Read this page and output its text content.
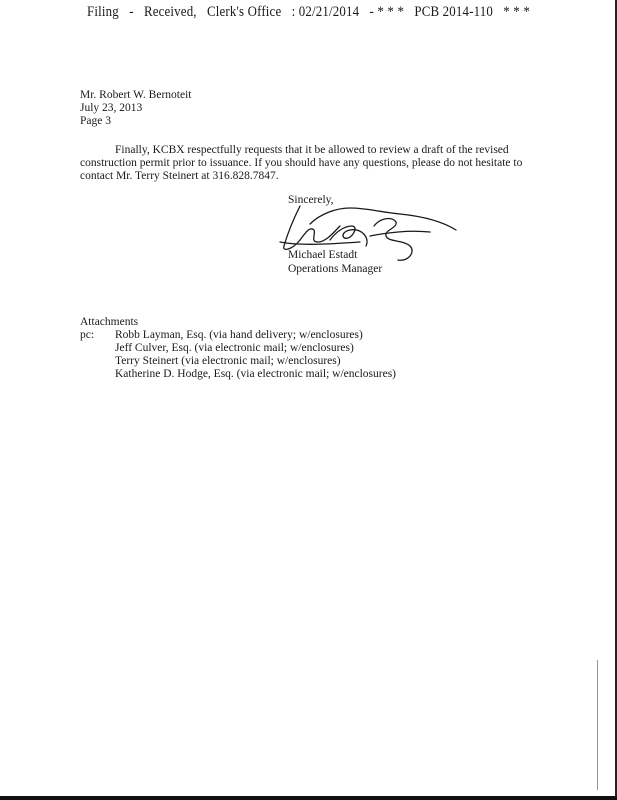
Filing - Received, Clerk's Office : 02/21/2014 - * * * PCB 2014-110 * * *
Mr. Robert W. Bernoteit
July 23, 2013
Page 3

Finally, KCBX respectfully requests that it be allowed to review a draft of the revised construction permit prior to issuance. If you should have any questions, please do not hesitate to contact Mr. Terry Steinert at 316.828.7847.

Sincerely,
Michael Estadt
Operations Manager
Attachments
pc: Robb Layman, Esq. (via hand delivery; w/enclosures)
Jeff Culver, Esq. (via electronic mail; w/enclosures)
Terry Steinert (via electronic mail; w/enclosures)
Katherine D. Hodge, Esq. (via electronic mail; w/enclosures)
